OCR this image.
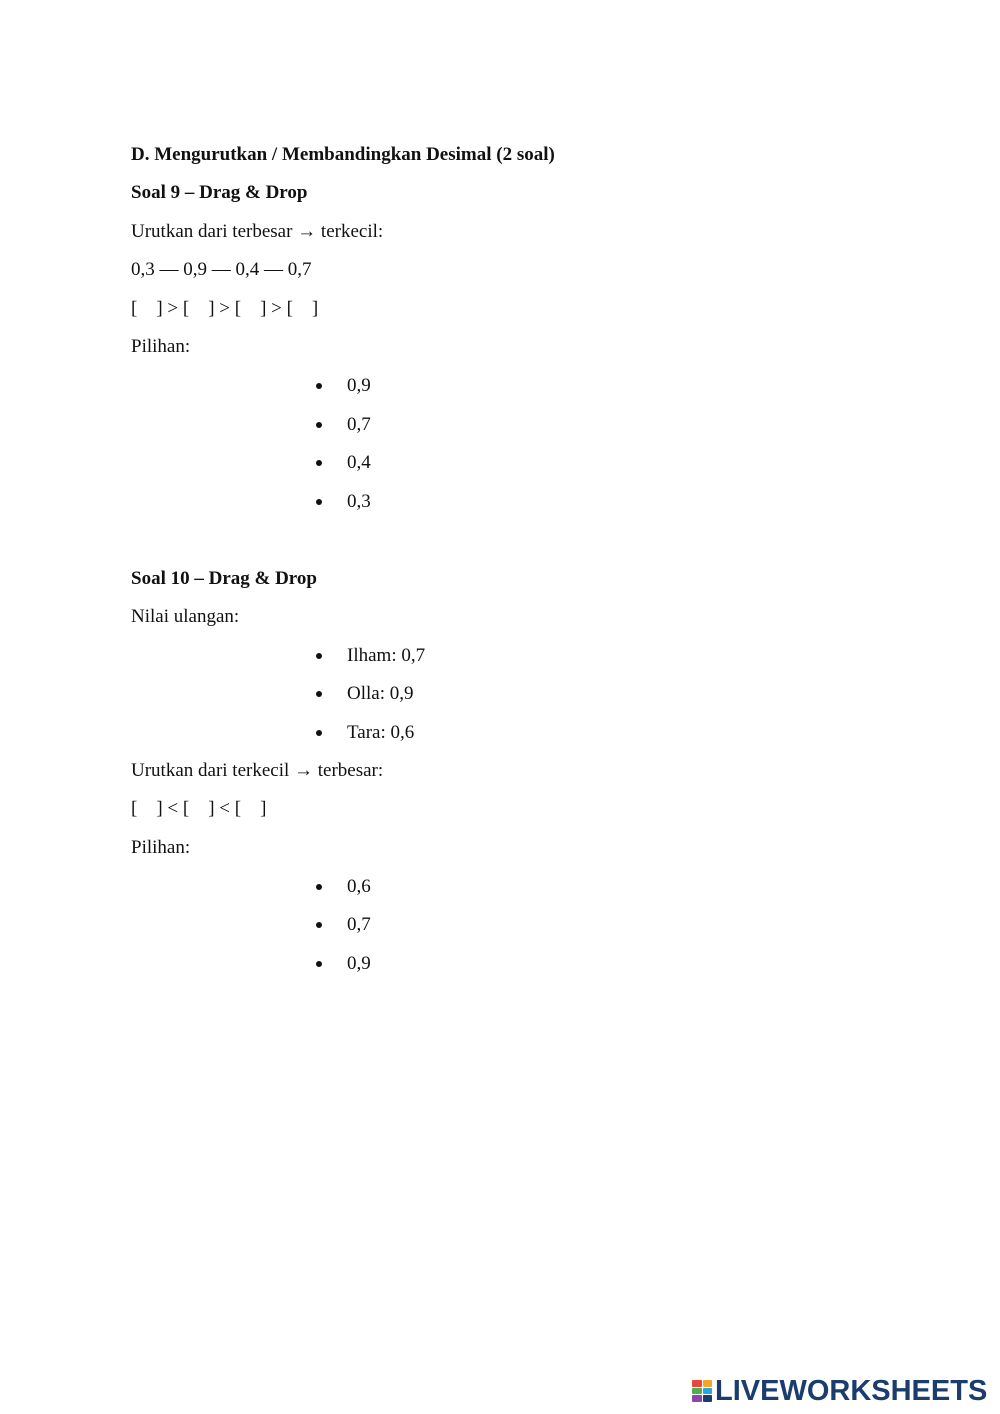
D. Mengurutkan / Membandingkan Desimal (2 soal)
Soal 9 – Drag & Drop
Urutkan dari terbesar → terkecil:
0,3 — 0,9 — 0,4 — 0,7
[    ] > [    ] > [    ] > [    ]
Pilihan:
0,9
0,7
0,4
0,3
Soal 10 – Drag & Drop
Nilai ulangan:
Ilham: 0,7
Olla: 0,9
Tara: 0,6
Urutkan dari terkecil → terbesar:
[    ] < [    ] < [    ]
Pilihan:
0,6
0,7
0,9
LIVEWORKSHEETS
